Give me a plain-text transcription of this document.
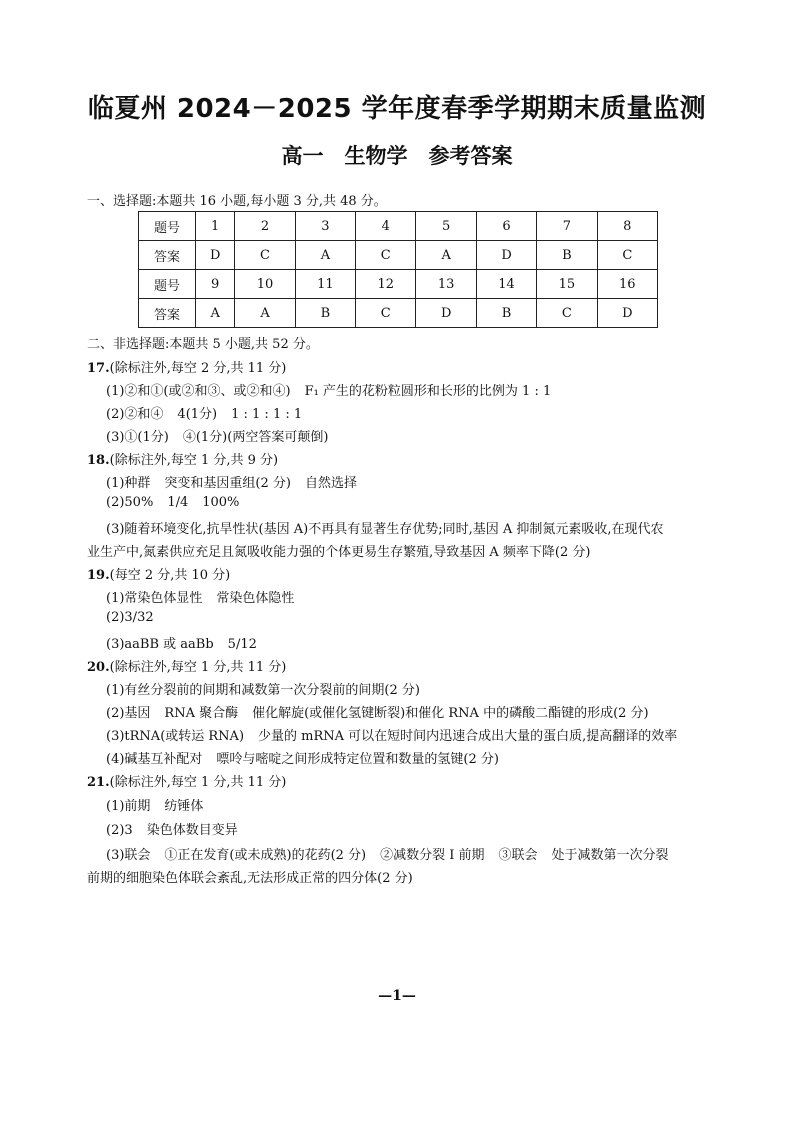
临夏州 2024－2025 学年度春季学期期末质量监测
高一　生物学　参考答案
一、选择题:本题共 16 小题,每小题 3 分,共 48 分。
题号	1	2	3	4	5	6	7	8
答案	D	C	A	C	A	D	B	C
题号	9	10	11	12	13	14	15	16
答案	A	A	B	C	D	B	C	D
二、非选择题:本题共 5 小题,共 52 分。
17.(除标注外,每空 2 分,共 11 分)
(1)②和①(或②和③、或②和④) F₁ 产生的花粉粒圆形和长形的比例为 1 : 1
(2)②和④ 4(1分) 1 : 1 : 1 : 1
(3)①(1分) ④(1分)(两空答案可颠倒)
18.(除标注外,每空 1 分,共 9 分)
(1)种群 突变和基因重组(2 分) 自然选择
(2)50% 1/4 100%
(3)随着环境变化,抗旱性状(基因 A)不再具有显著生存优势;同时,基因 A 抑制氮元素吸收,在现代农
业生产中,氮素供应充足且氮吸收能力强的个体更易生存繁殖,导致基因 A 频率下降(2 分)
19.(每空 2 分,共 10 分)
(1)常染色体显性 常染色体隐性
(2)3/32
(3)aaBB 或 aaBb 5/12
20.(除标注外,每空 1 分,共 11 分)
(1)有丝分裂前的间期和减数第一次分裂前的间期(2 分)
(2)基因 RNA 聚合酶 催化解旋(或催化氢键断裂)和催化 RNA 中的磷酸二酯键的形成(2 分)
(3)tRNA(或转运 RNA) 少量的 mRNA 可以在短时间内迅速合成出大量的蛋白质,提高翻译的效率
(4)碱基互补配对 嘌呤与嘧啶之间形成特定位置和数量的氢键(2 分)
21.(除标注外,每空 1 分,共 11 分)
(1)前期 纺锤体
(2)3 染色体数目变异
(3)联会 ①正在发育(或未成熟)的花药(2 分) ②减数分裂 Ⅰ 前期 ③联会 处于减数第一次分裂
前期的细胞染色体联会紊乱,无法形成正常的四分体(2 分)
—1—
